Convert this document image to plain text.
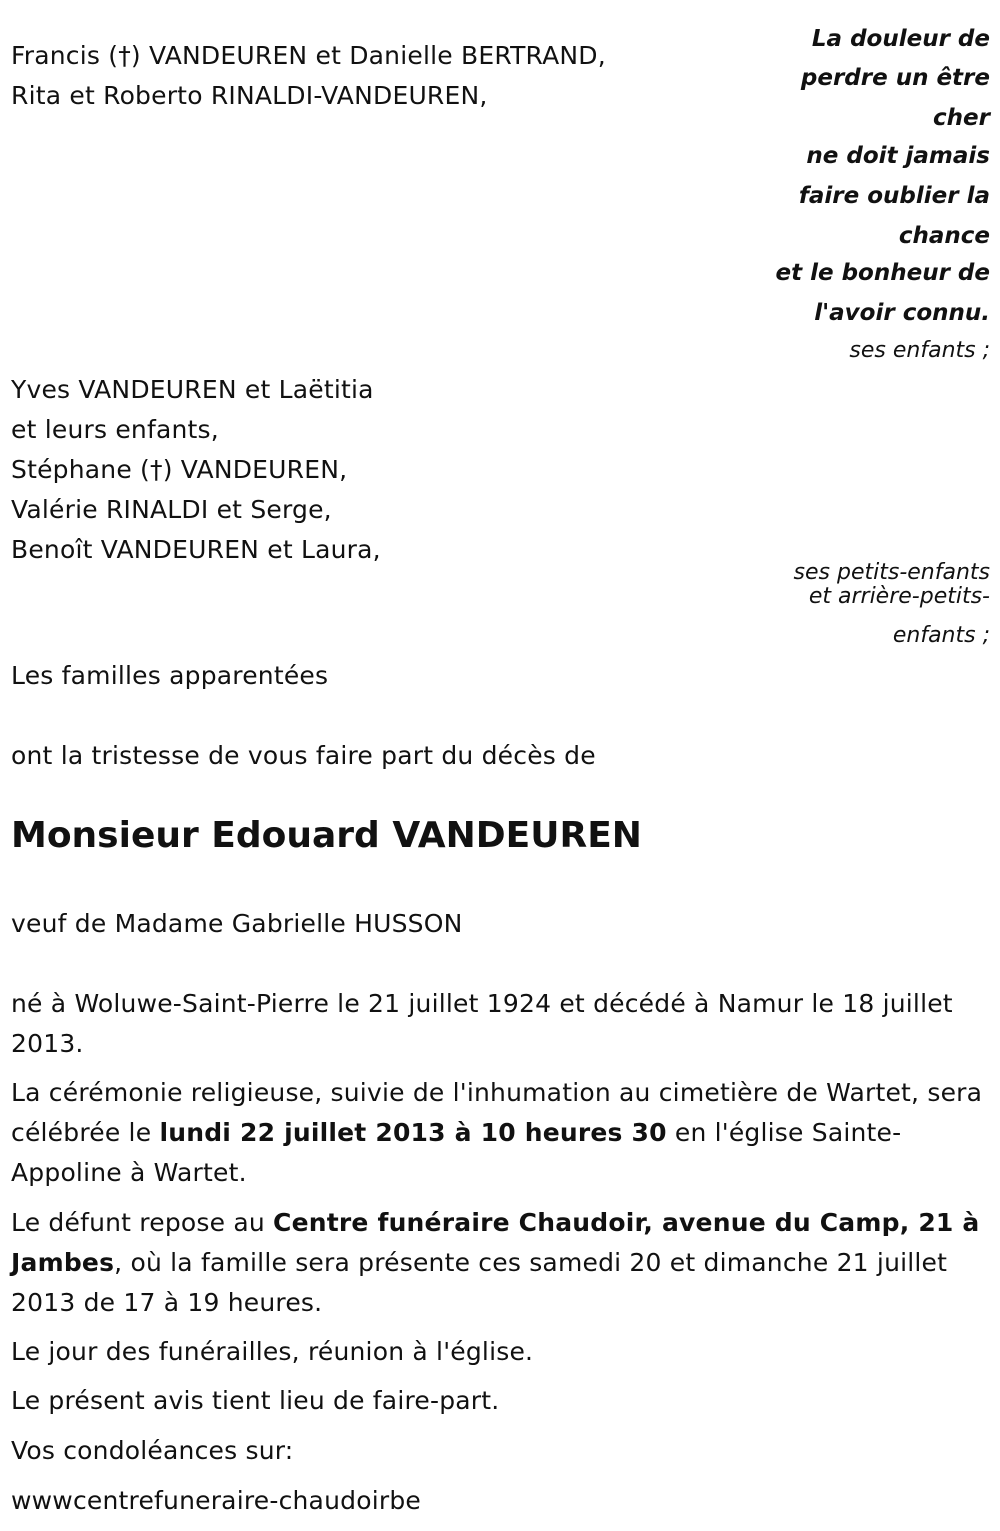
Francis (†) VANDEUREN et Danielle BERTRAND,
Rita et Roberto RINALDI-VANDEUREN,
La douleur de
perdre un être
cher
ne doit jamais
faire oublier la
chance
et le bonheur de
l'avoir connu.
ses enfants ;
Yves VANDEUREN et Laëtitia
et leurs enfants,
Stéphane (†) VANDEUREN,
Valérie RINALDI et Serge,
Benoît VANDEUREN et Laura,
ses petits-enfants
et arrière-petits-
enfants ;
Les familles apparentées
ont la tristesse de vous faire part du décès de
Monsieur Edouard VANDEUREN
veuf de Madame Gabrielle HUSSON
né à Woluwe-Saint-Pierre le 21 juillet 1924 et décédé à Namur le 18 juillet 2013.
La cérémonie religieuse, suivie de l'inhumation au cimetière de Wartet, sera célébrée le lundi 22 juillet 2013 à 10 heures 30 en l'église Sainte-Appoline à Wartet.
Le défunt repose au Centre funéraire Chaudoir, avenue du Camp, 21 à Jambes, où la famille sera présente ces samedi 20 et dimanche 21 juillet 2013 de 17 à 19 heures.
Le jour des funérailles, réunion à l'église.
Le présent avis tient lieu de faire-part.
Vos condoléances sur:
wwwcentrefuneraire-chaudoirbe
